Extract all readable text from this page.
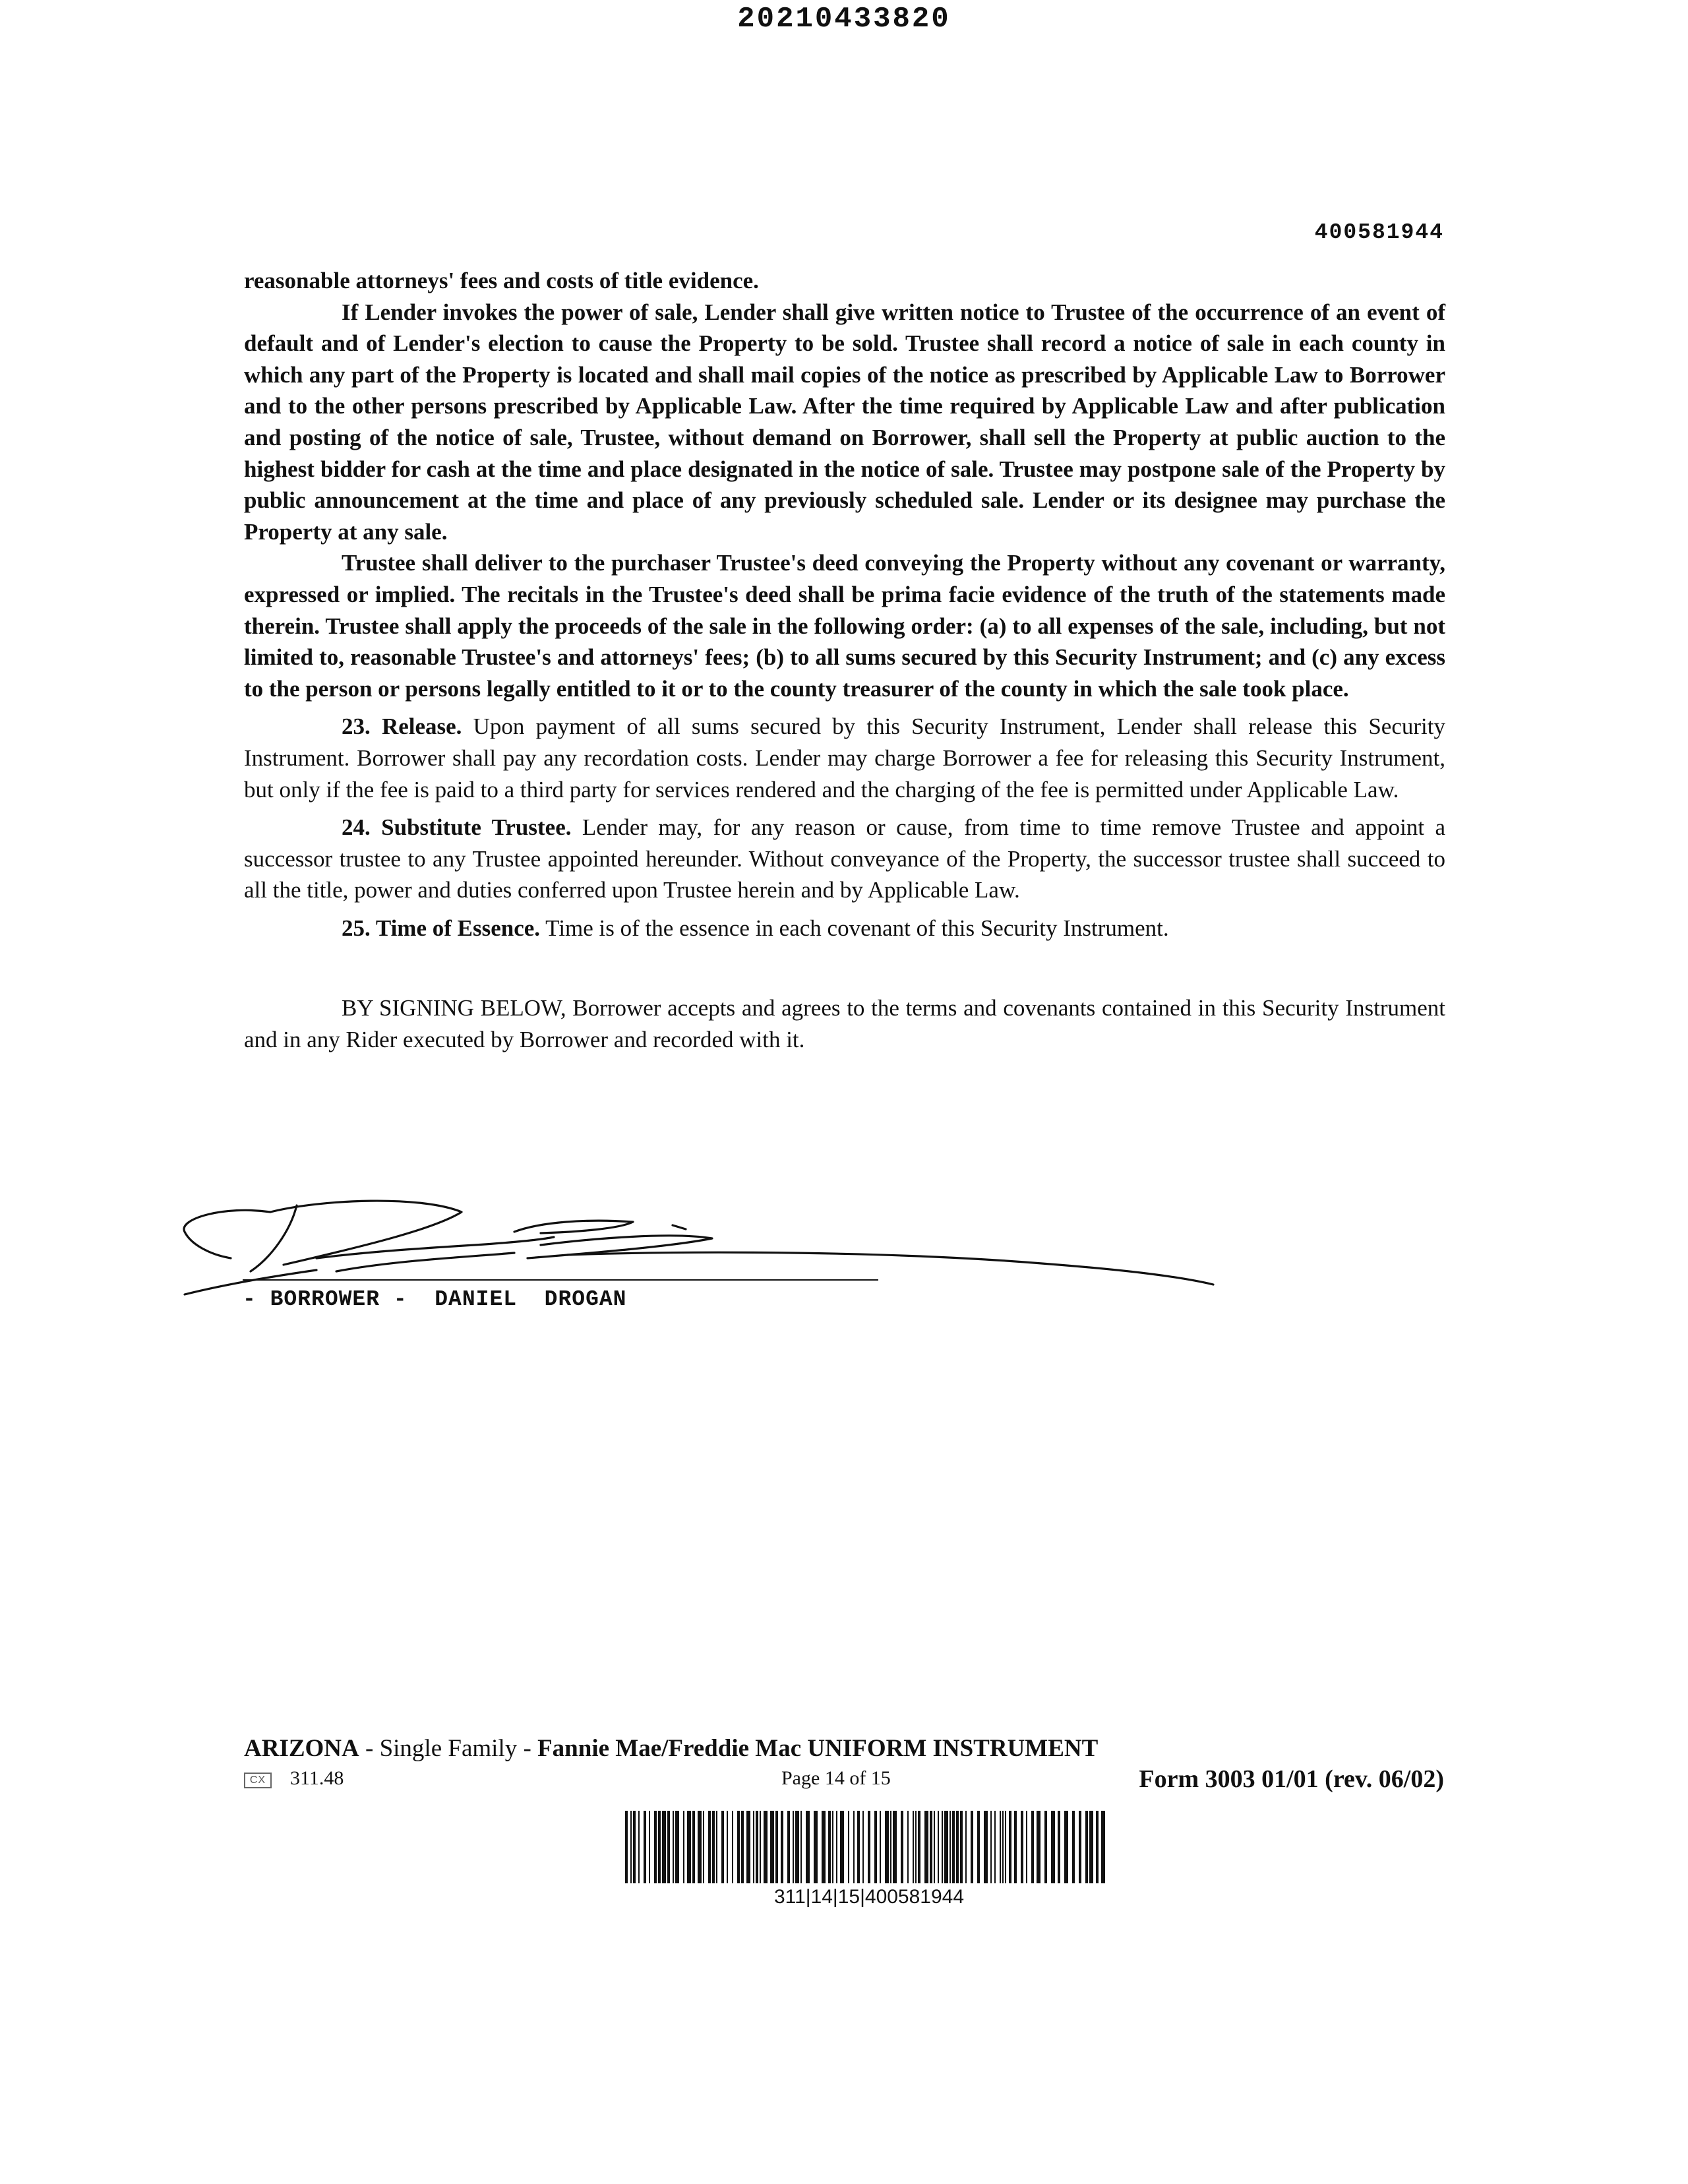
20210433820
400581944

reasonable attorneys' fees and costs of title evidence.

If Lender invokes the power of sale, Lender shall give written notice to Trustee of the occurrence of an event of default and of Lender's election to cause the Property to be sold. Trustee shall record a notice of sale in each county in which any part of the Property is located and shall mail copies of the notice as prescribed by Applicable Law to Borrower and to the other persons prescribed by Applicable Law. After the time required by Applicable Law and after publication and posting of the notice of sale, Trustee, without demand on Borrower, shall sell the Property at public auction to the highest bidder for cash at the time and place designated in the notice of sale. Trustee may postpone sale of the Property by public announcement at the time and place of any previously scheduled sale. Lender or its designee may purchase the Property at any sale.

Trustee shall deliver to the purchaser Trustee's deed conveying the Property without any covenant or warranty, expressed or implied. The recitals in the Trustee's deed shall be prima facie evidence of the truth of the statements made therein. Trustee shall apply the proceeds of the sale in the following order: (a) to all expenses of the sale, including, but not limited to, reasonable Trustee's and attorneys' fees; (b) to all sums secured by this Security Instrument; and (c) any excess to the person or persons legally entitled to it or to the county treasurer of the county in which the sale took place.

23. Release. Upon payment of all sums secured by this Security Instrument, Lender shall release this Security Instrument. Borrower shall pay any recordation costs. Lender may charge Borrower a fee for releasing this Security Instrument, but only if the fee is paid to a third party for services rendered and the charging of the fee is permitted under Applicable Law.

24. Substitute Trustee. Lender may, for any reason or cause, from time to time remove Trustee and appoint a successor trustee to any Trustee appointed hereunder. Without conveyance of the Property, the successor trustee shall succeed to all the title, power and duties conferred upon Trustee herein and by Applicable Law.

25. Time of Essence. Time is of the essence in each covenant of this Security Instrument.

BY SIGNING BELOW, Borrower accepts and agrees to the terms and covenants contained in this Security Instrument and in any Rider executed by Borrower and recorded with it.

- BORROWER -  DANIEL  DROGAN
ARIZONA - Single Family - Fannie Mae/Freddie Mac UNIFORM INSTRUMENT
CX 311.48	Page 14 of 15	Form 3003 01/01 (rev. 06/02)
311|14|15|400581944
